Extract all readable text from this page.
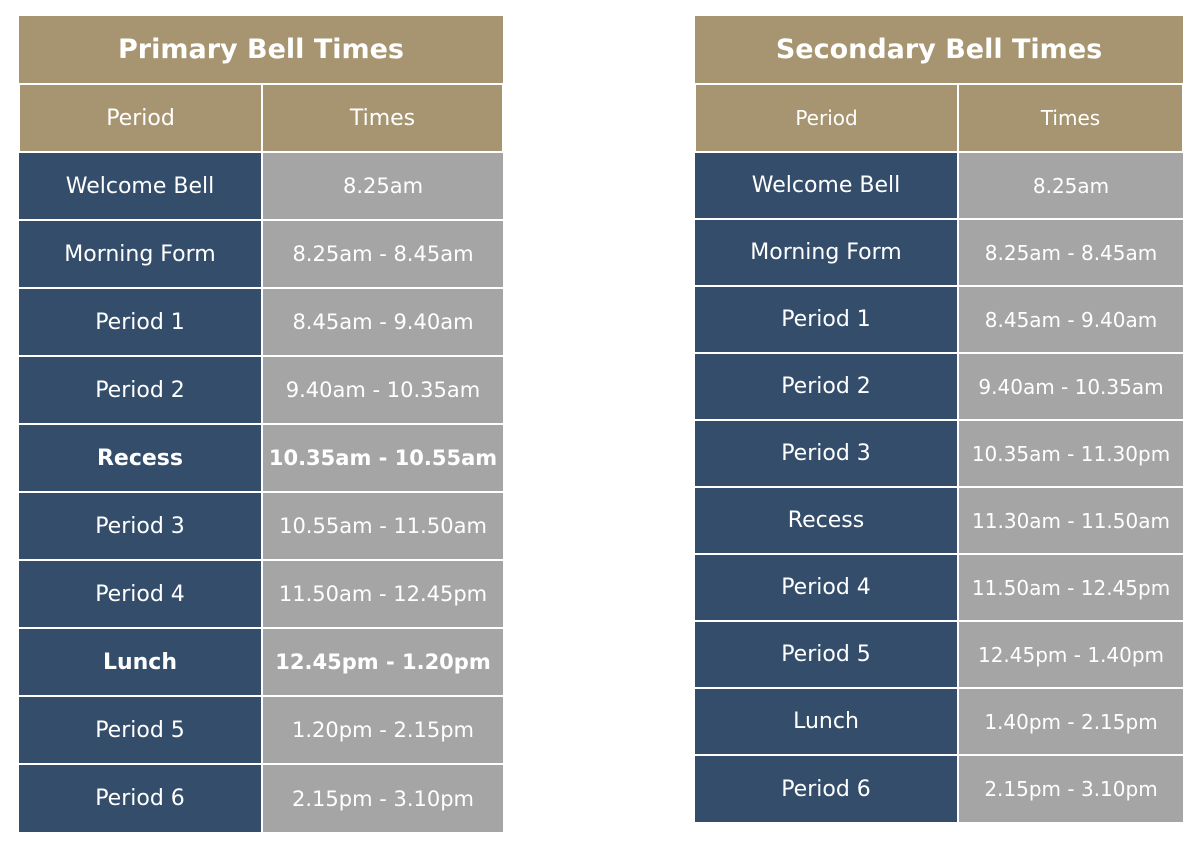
Primary Bell Times	
Period	Times
Welcome Bell	8.25am
Morning Form	8.25am - 8.45am
Period 1	8.45am - 9.40am
Period 2	9.40am - 10.35am
Recess	10.35am - 10.55am
Period 3	10.55am - 11.50am
Period 4	11.50am - 12.45pm
Lunch	12.45pm - 1.20pm
Period 5	1.20pm - 2.15pm
Period 6	2.15pm - 3.10pm
Secondary Bell Times	
Period	Times
Welcome Bell	8.25am
Morning Form	8.25am - 8.45am
Period 1	8.45am - 9.40am
Period 2	9.40am - 10.35am
Period 3	10.35am - 11.30pm
Recess	11.30am - 11.50am
Period 4	11.50am - 12.45pm
Period 5	12.45pm - 1.40pm
Lunch	1.40pm - 2.15pm
Period 6	2.15pm - 3.10pm
